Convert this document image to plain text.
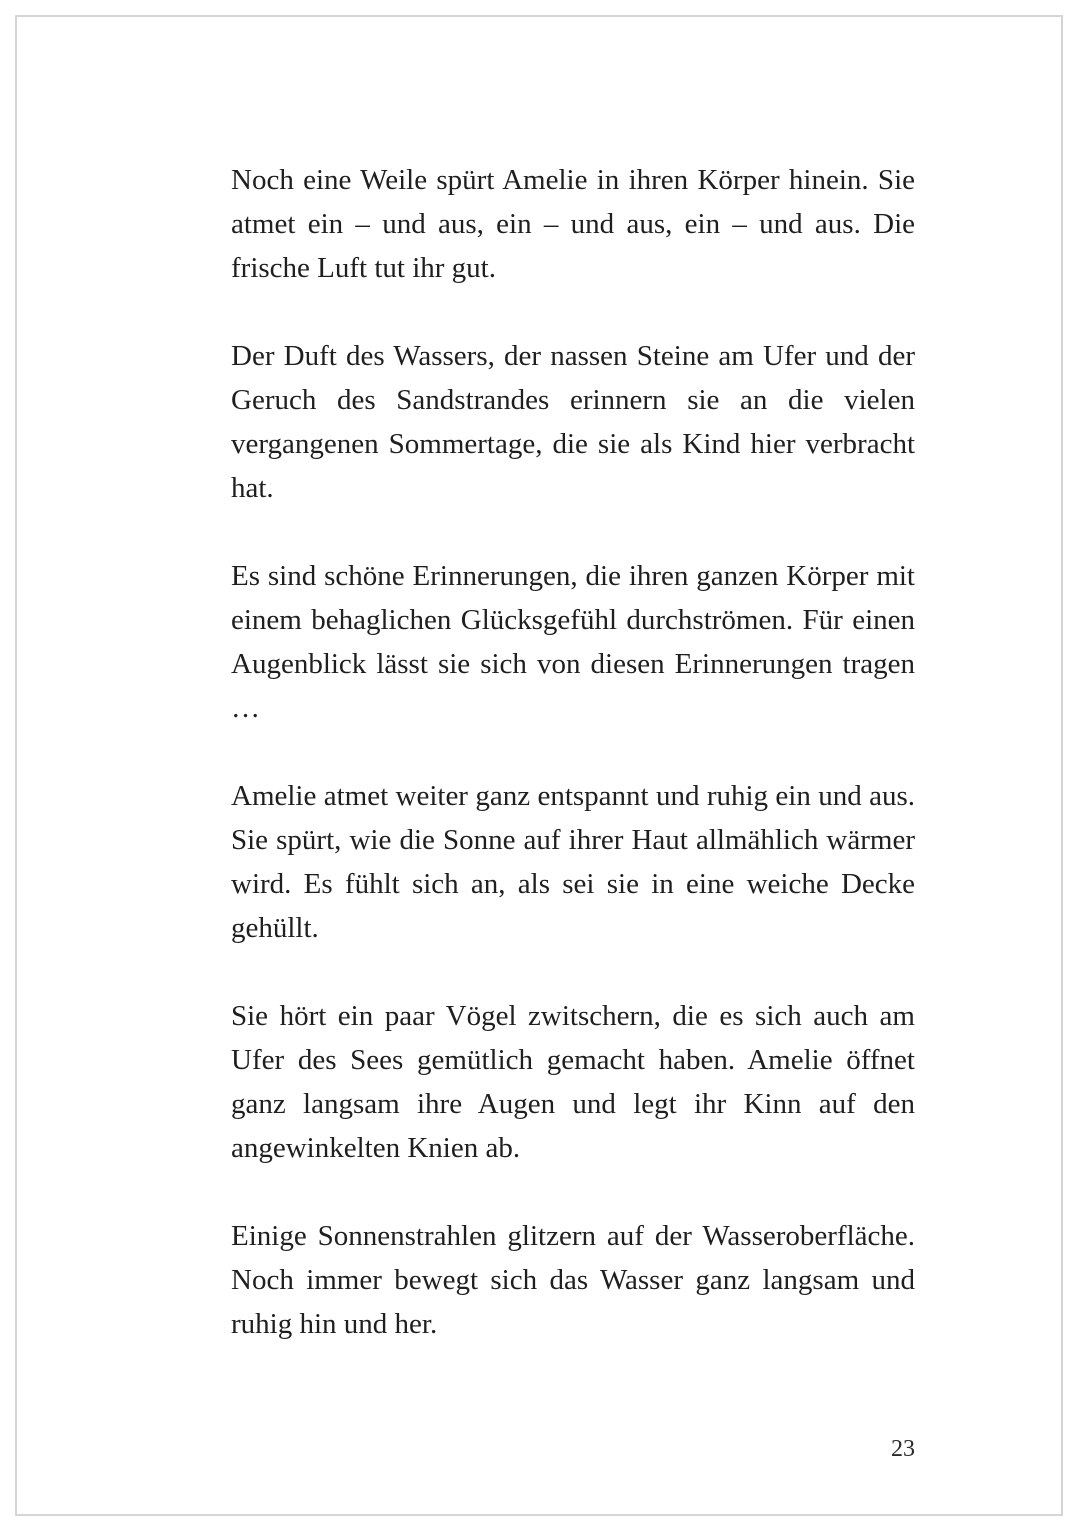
Noch eine Weile spürt Amelie in ihren Körper hinein. Sie atmet ein – und aus, ein – und aus, ein – und aus. Die frische Luft tut ihr gut.

Der Duft des Wassers, der nassen Steine am Ufer und der Geruch des Sandstrandes erinnern sie an die vielen vergangenen Sommertage, die sie als Kind hier verbracht hat.

Es sind schöne Erinnerungen, die ihren ganzen Körper mit einem behaglichen Glücksgefühl durchströmen. Für einen Augenblick lässt sie sich von diesen Erinnerungen tragen …

Amelie atmet weiter ganz entspannt und ruhig ein und aus. Sie spürt, wie die Sonne auf ihrer Haut allmählich wärmer wird. Es fühlt sich an, als sei sie in eine weiche Decke gehüllt.

Sie hört ein paar Vögel zwitschern, die es sich auch am Ufer des Sees gemütlich gemacht haben. Amelie öffnet ganz langsam ihre Augen und legt ihr Kinn auf den angewinkelten Knien ab.

Einige Sonnenstrahlen glitzern auf der Wasseroberfläche. Noch immer bewegt sich das Wasser ganz langsam und ruhig hin und her.

23
